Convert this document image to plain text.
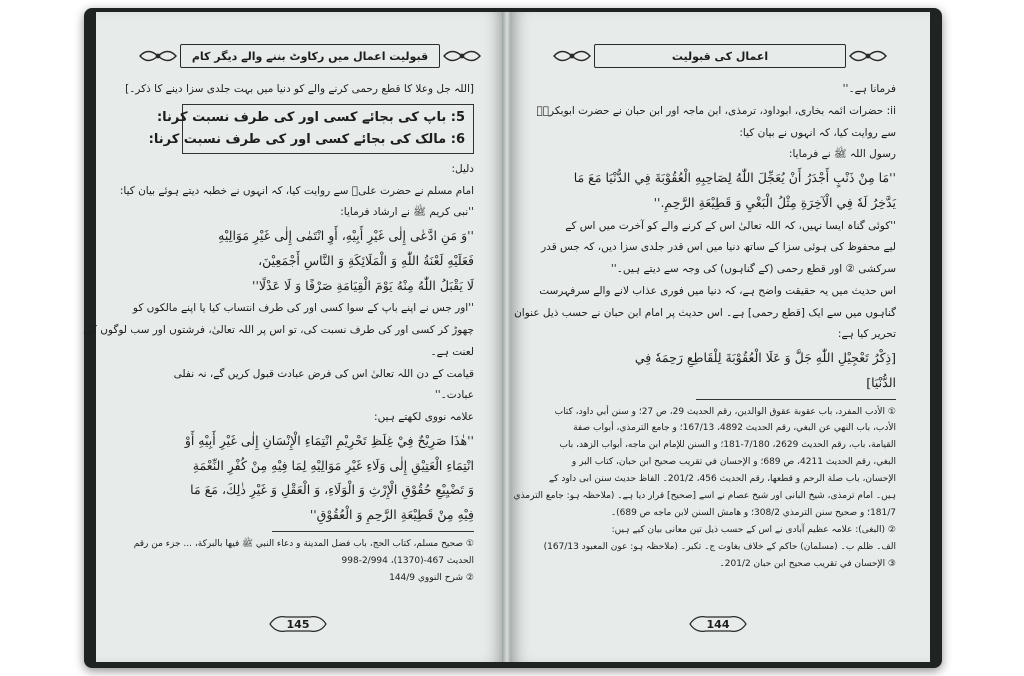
قبولیت اعمال میں رکاوٹ بننے والے دیگر کام

[اللہ جل وعلا کا قطع رحمی کرنے والے کو دنیا میں بہت جلدی سزا دینے کا ذکر۔]

5: باپ کی بجائے کسی اور کی طرف نسبت کرنا:

6: مالک کی بجائے کسی اور کی طرف نسبت کرنا:

دلیل:

امام مسلم نے حضرت علیؓ سے روایت کیا، کہ انہوں نے خطبہ دیتے ہوئے بیان کیا:

''نبی کریم ﷺ نے ارشاد فرمایا:

''وَ مَنِ ادَّعٰی إِلٰی غَیْرِ أَبِیْهِ، أَوِ انْتَمٰی إِلٰی غَیْرِ مَوَالِیْهِ

فَعَلَیْهِ لَعْنَةُ اللّٰهِ وَ الْمَلَائِكَةِ وَ النَّاسِ أَجْمَعِیْنَ،

لَا یَقْبَلُ اللّٰهُ مِنْهُ یَوْمَ الْقِیَامَةِ صَرْفًا وَ لَا عَدْلًا''

''اور جس نے اپنے باپ کے سوا کسی اور کی طرف انتساب کیا یا اپنے مالکوں کو

چھوڑ کر کسی اور کی طرف نسبت کی، تو اس پر اللہ تعالیٰ، فرشتوں اور سب لوگوں کی

لعنت ہے۔

قیامت کے دن اللہ تعالیٰ اس کی فرض عبادت قبول کریں گے، نہ نفلی

عبادت۔''

علامہ نووی لکھتے ہیں:

''هٰذَا صَرِیْحٌ فِيْ غِلَظِ تَحْرِیْمِ انْتِمَاءِ الْإِنْسَانِ إِلٰی غَیْرِ أَبِیْهِ أَوْ

انْتِمَاءِ الْعَتِیْقِ إِلٰی وَلَاءِ غَیْرِ مَوَالِیْهِ لِمَا فِیْهِ مِنْ كُفْرِ النِّعْمَةِ

وَ تَضْیِیْعِ حُقُوْقِ الْإِرْثِ وَ الْوَلَاءِ، وَ الْعَقْلِ وَ غَیْرِ ذٰلِكَ، مَعَ مَا

فِیْهِ مِنْ قَطِیْعَةِ الرَّحِمِ وَ الْعُقُوْقِ''

① صحیح مسلم، کتاب الحج، باب فضل المدینة و دعاء النبي ﷺ فیها بالبرکة، ... جزء من رقم

الحدیث 467-(1370)، 2/994-998

② شرح النووي 144/9

145
اعمال کی قبولیت

فرمانا ہے۔''

ii: حضرات ائمہ بخاری، ابوداود، ترمذی، ابن ماجہ اور ابن حبان نے حضرت ابوبکرہؓ

سے روایت کیا، کہ انہوں نے بیان کیا:

رسول اللہ ﷺ نے فرمایا:

''مَا مِنْ ذَنْبٍ أَجْدَرُ أَنْ یُعَجِّلَ اللّٰهُ لِصَاحِبِهِ الْعُقُوْبَةَ فِي الدُّنْیَا مَعَ مَا

یَدَّخِرُ لَهٗ فِي الْآخِرَةِ مِثْلُ الْبَغْيِ وَ قَطِیْعَةِ الرَّحِمِ.''

''کوئی گناہ ایسا نہیں، کہ اللہ تعالیٰ اس کے کرنے والے کو آخرت میں اس کے

لیے محفوظ کی ہوئی سزا کے ساتھ دنیا میں اس قدر جلدی سزا دیں، کہ جس قدر

سرکشی ② اور قطع رحمی (کے گناہوں) کی وجہ سے دیتے ہیں۔''

اس حدیث میں یہ حقیقت واضح ہے، کہ دنیا میں فوری عذاب لانے والے سرفہرست

گناہوں میں سے ایک [قطع رحمی] ہے۔ اس حدیث پر امام ابن حبان نے حسب ذیل عنوان

تحریر کیا ہے:

[ذِكْرُ تَعْجِیْلِ اللّٰهِ جَلَّ وَ عَلَا الْعُقُوْبَةَ لِلْقَاطِعِ رَحِمَهٗ فِي

الدُّنْیَا]

① الأدب المفرد، باب عقوبة عقوق الوالدین، رقم الحدیث 29، ص 27؛ و سنن أبي داود، كتاب

الأدب، باب النهي عن البغي، رقم الحدیث 4892، 167/13؛ و جامع الترمذي، أبواب صفة

القیامة، باب، رقم الحدیث 2629، 7/180-181؛ و السنن للإمام ابن ماجه، أبواب الزهد، باب

البغي، رقم الحدیث 4211، ص 689؛ و الإحسان في تقریب صحیح ابن حبان، كتاب البر و

الإحسان، باب صلة الرحم و قطعها، رقم الحدیث 456، 201/2۔ الفاظ حدیث سنن ابی داود کے

ہیں۔ امام ترمذی، شیخ البانی اور شیخ عصام نے اسے [صحیح] قرار دیا ہے۔ (ملاحظہ ہو: جامع الترمذي

181/7؛ و صحیح سنن الترمذي 308/2؛ و هامش السنن لابن ماجه ص 689)۔

② (البغی): علامہ عظیم آبادی نے اس کے حسب ذیل تین معانی بیان کیے ہیں:

الف۔ ظلم ب۔ (مسلمان) حاکم کے خلاف بغاوت ج۔ تکبر۔ (ملاحظہ ہو: عون المعبود 167/13)

③ الإحسان في تقریب صحیح ابن حبان 201/2۔

144
